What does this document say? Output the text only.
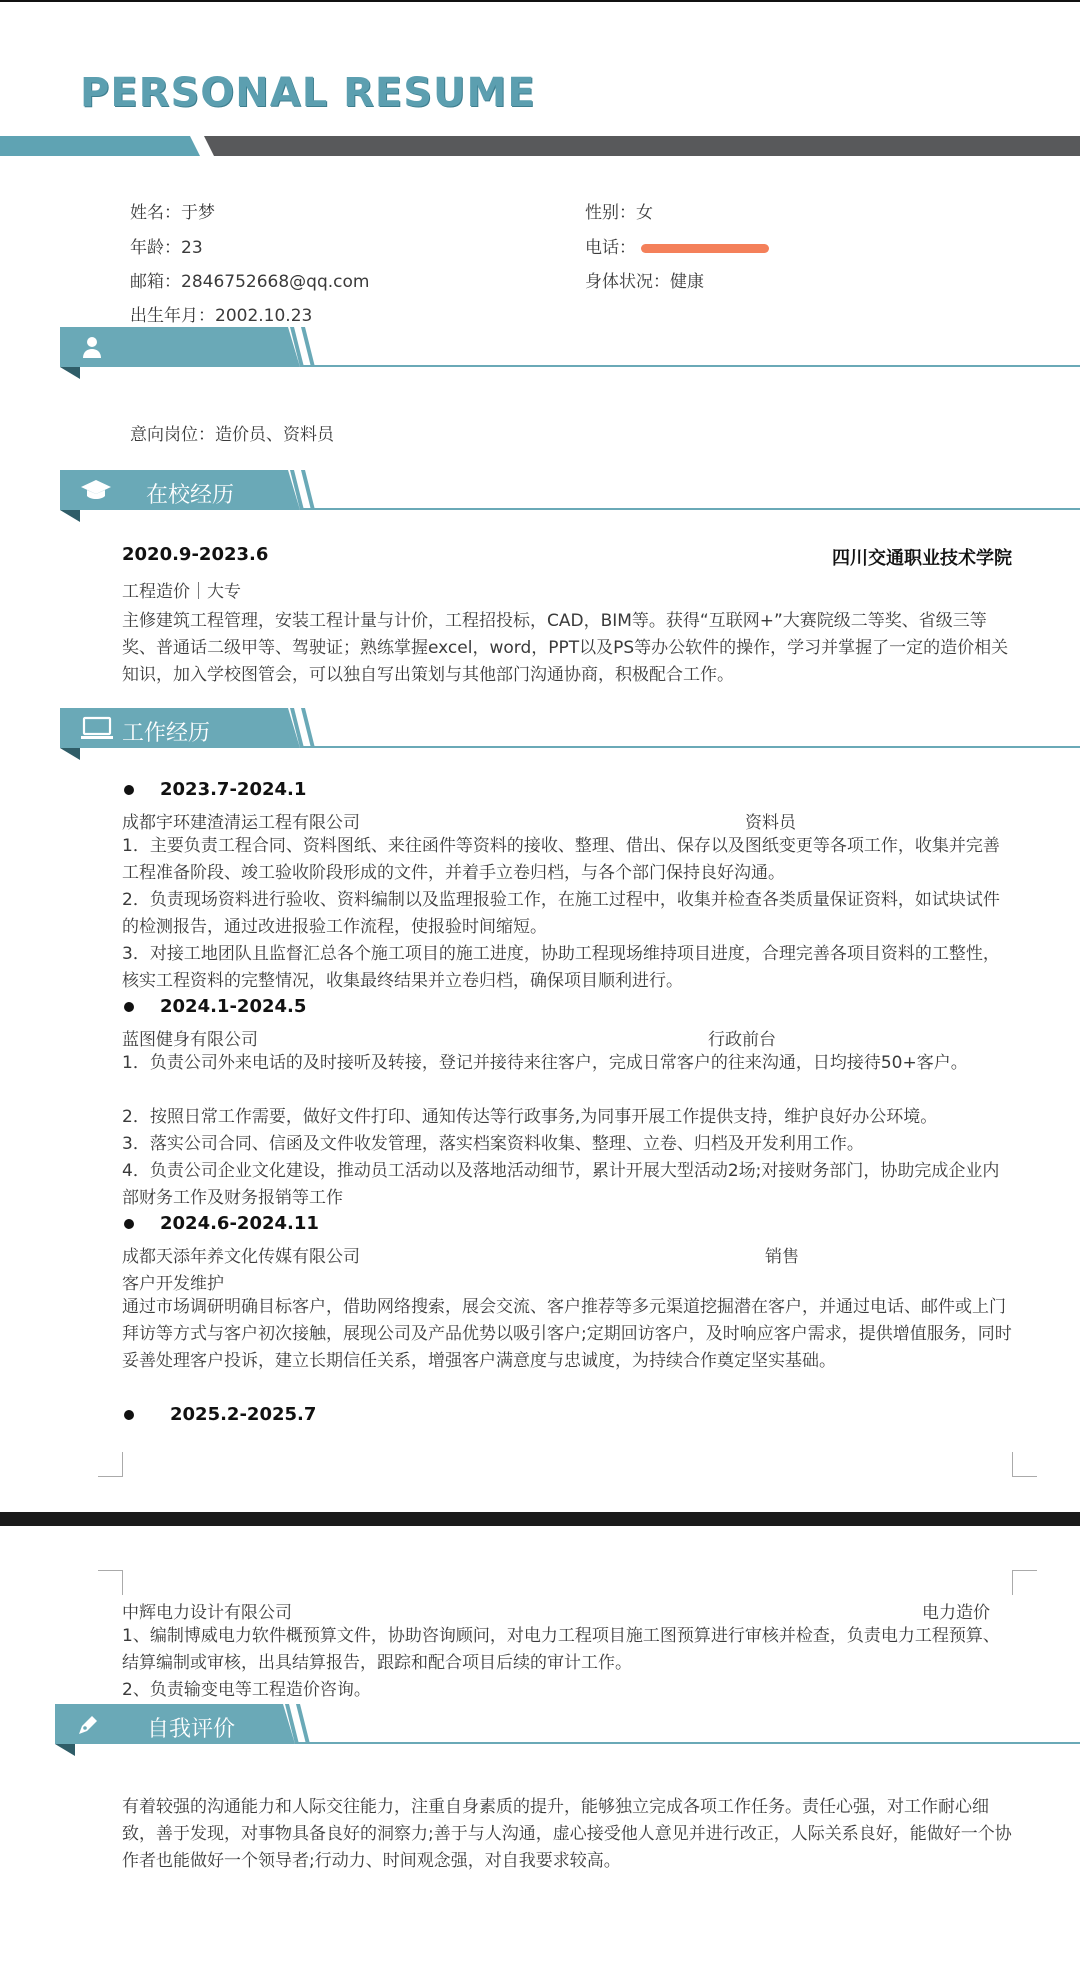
PERSONAL RESUME
姓名：于梦	性别：女
年龄：23	电话：
邮箱：2846752668@qq.com	身体状况：健康
出生年月：2002.10.23
意向岗位：造价员、资料员
在校经历
2020.9-2023.6	四川交通职业技术学院
工程造价｜大专
主修建筑工程管理，安装工程计量与计价，工程招投标，CAD，BIM等。获得“互联网+”大赛院级二等奖、省级三等奖、普通话二级甲等、驾驶证；熟练掌握excel，word，PPT以及PS等办公软件的操作，学习并掌握了一定的造价相关知识，加入学校图管会，可以独自写出策划与其他部门沟通协商，积极配合工作。
工作经历
2023.7-2024.1
成都宇环建渣清运工程有限公司	资料员
1．主要负责工程合同、资料图纸、来往函件等资料的接收、整理、借出、保存以及图纸变更等各项工作，收集并完善工程准备阶段、竣工验收阶段形成的文件，并着手立卷归档，与各个部门保持良好沟通。
2．负责现场资料进行验收、资料编制以及监理报验工作，在施工过程中，收集并检查各类质量保证资料，如试块试件的检测报告，通过改进报验工作流程，使报验时间缩短。
3．对接工地团队且监督汇总各个施工项目的施工进度，协助工程现场维持项目进度，合理完善各项目资料的工整性，核实工程资料的完整情况，收集最终结果并立卷归档，确保项目顺利进行。
2024.1-2024.5
蓝图健身有限公司	行政前台
1．负责公司外来电话的及时接听及转接，登记并接待来往客户，完成日常客户的往来沟通，日均接待50+客户。
2．按照日常工作需要，做好文件打印、通知传达等行政事务,为同事开展工作提供支持，维护良好办公环境。
3．落实公司合同、信函及文件收发管理，落实档案资料收集、整理、立卷、归档及开发利用工作。
4．负责公司企业文化建设，推动员工活动以及落地活动细节，累计开展大型活动2场;对接财务部门，协助完成企业内部财务工作及财务报销等工作
2024.6-2024.11
成都天添年养文化传媒有限公司	销售
客户开发维护
通过市场调研明确目标客户，借助网络搜索，展会交流、客户推荐等多元渠道挖掘潜在客户，并通过电话、邮件或上门拜访等方式与客户初次接触，展现公司及产品优势以吸引客户;定期回访客户，及时响应客户需求，提供增值服务，同时妥善处理客户投诉，建立长期信任关系，增强客户满意度与忠诚度，为持续合作奠定坚实基础。
2025.2-2025.7
中辉电力设计有限公司	电力造价
1、编制博威电力软件概预算文件，协助咨询顾问，对电力工程项目施工图预算进行审核并检查，负责电力工程预算、结算编制或审核，出具结算报告，跟踪和配合项目后续的审计工作。
2、负责输变电等工程造价咨询。
自我评价
有着较强的沟通能力和人际交往能力，注重自身素质的提升，能够独立完成各项工作任务。责任心强，对工作耐心细致，善于发现，对事物具备良好的洞察力;善于与人沟通，虚心接受他人意见并进行改正，人际关系良好，能做好一个协作者也能做好一个领导者;行动力、时间观念强，对自我要求较高。
